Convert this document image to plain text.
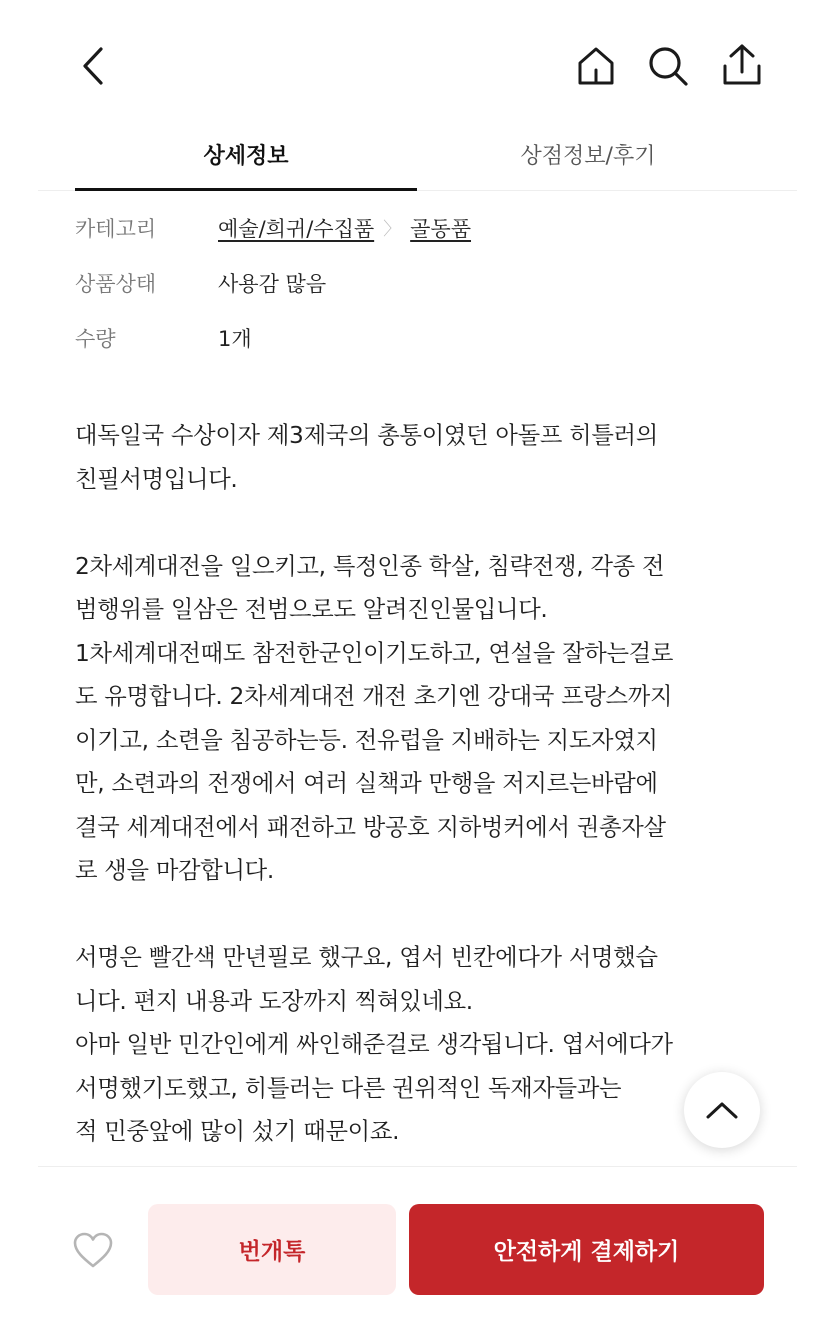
상세정보	상점정보/후기
카테고리	예술/희귀/수집품 〉 골동품
상품상태	사용감 많음
수량	1개
대독일국 수상이자 제3제국의 총통이였던 아돌프 히틀러의
친필서명입니다.

2차세계대전을 일으키고, 특정인종 학살, 침략전쟁, 각종 전
범행위를 일삼은 전범으로도 알려진인물입니다.
1차세계대전때도 참전한군인이기도하고, 연설을 잘하는걸로
도 유명합니다. 2차세계대전 개전 초기엔 강대국 프랑스까지
이기고, 소련을 침공하는등. 전유럽을 지배하는 지도자였지
만, 소련과의 전쟁에서 여러 실책과 만행을 저지르는바람에
결국 세계대전에서 패전하고 방공호 지하벙커에서 권총자살
로 생을 마감합니다.

서명은 빨간색 만년필로 했구요, 엽서 빈칸에다가 서명했습
니다. 편지 내용과 도장까지 찍혀있네요.
아마 일반 민간인에게 싸인해준걸로 생각됩니다. 엽서에다가
서명했기도했고, 히틀러는 다른 권위적인 독재자들과는
적 민중앞에 많이 섰기 때문이죠.
번개톡	안전하게 결제하기
